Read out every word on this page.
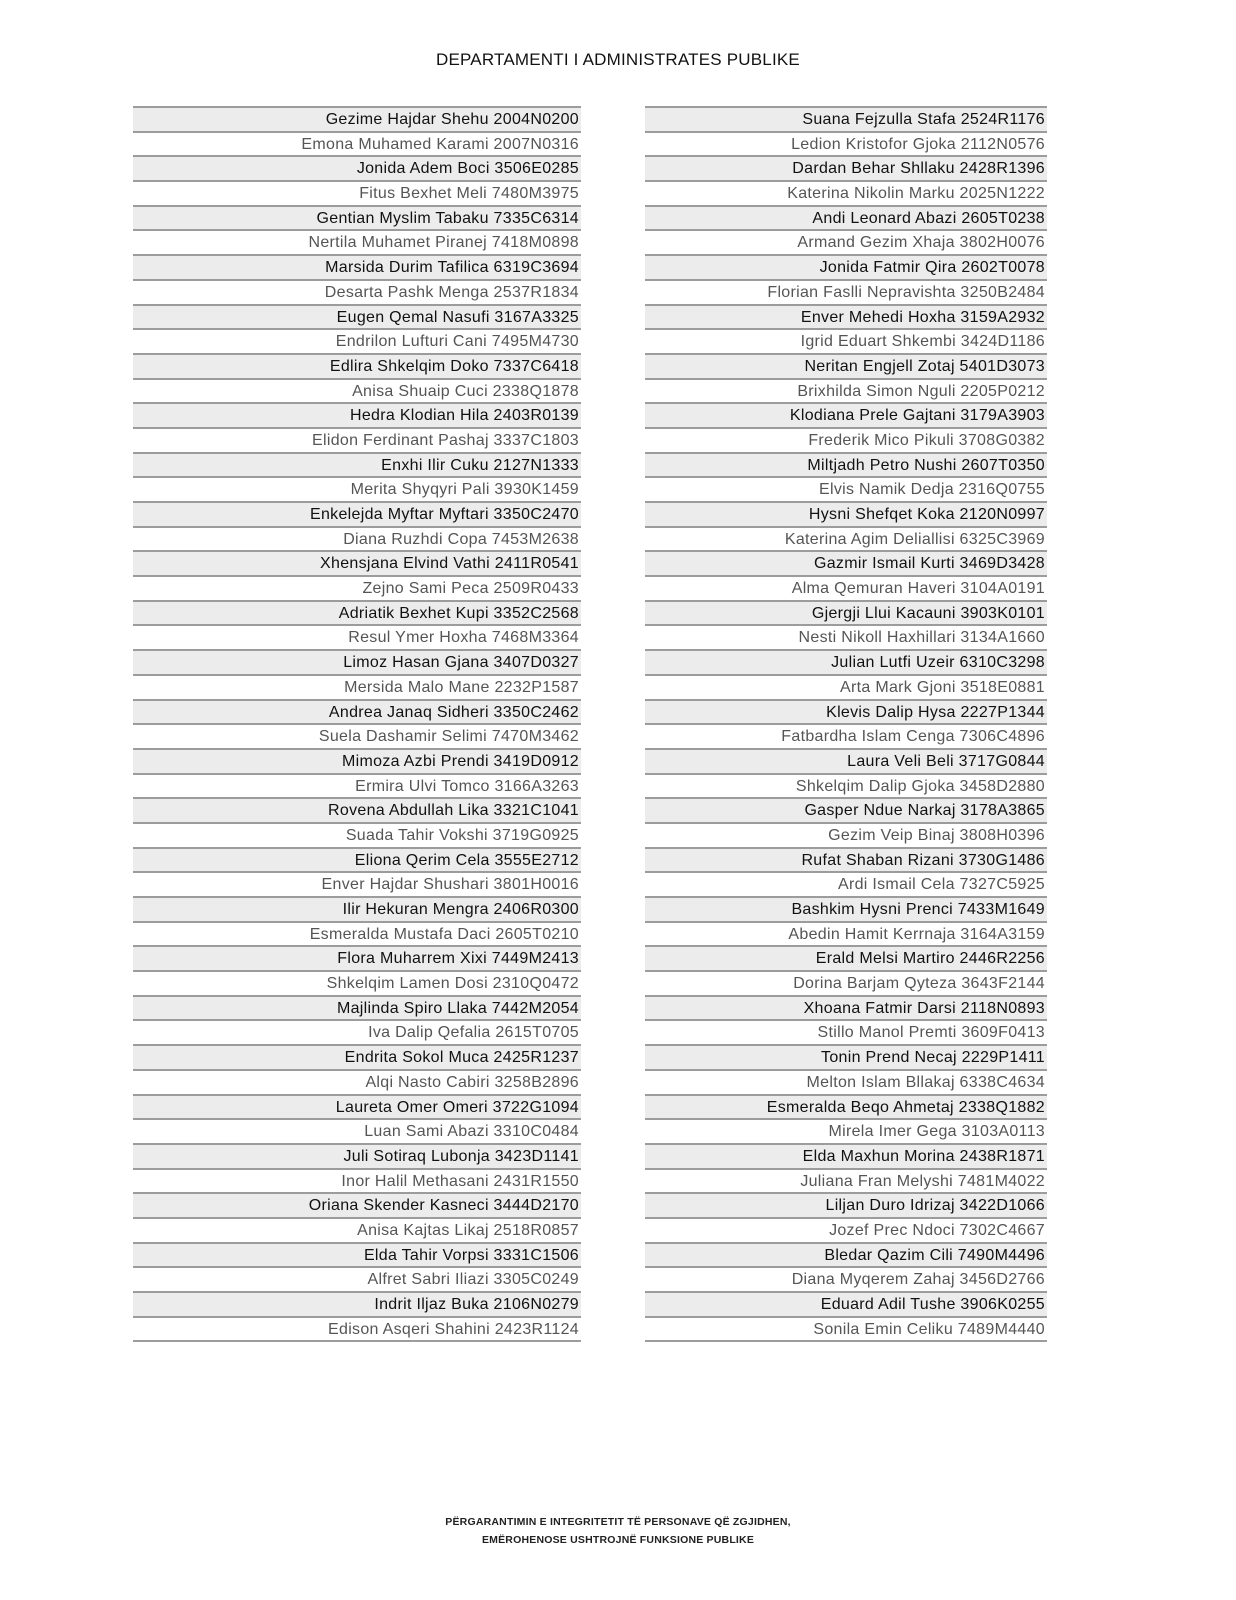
DEPARTAMENTI I ADMINISTRATES PUBLIKE
Gezime Hajdar Shehu 2004N0200
Emona Muhamed Karami 2007N0316
Jonida Adem Boci 3506E0285
Fitus Bexhet Meli 7480M3975
Gentian Myslim Tabaku 7335C6314
Nertila Muhamet Piranej 7418M0898
Marsida Durim Tafilica 6319C3694
Desarta Pashk Menga 2537R1834
Eugen Qemal Nasufi 3167A3325
Endrilon Lufturi Cani 7495M4730
Edlira Shkelqim Doko 7337C6418
Anisa Shuaip Cuci 2338Q1878
Hedra Klodian Hila 2403R0139
Elidon Ferdinant Pashaj 3337C1803
Enxhi Ilir Cuku 2127N1333
Merita Shyqyri Pali 3930K1459
Enkelejda Myftar Myftari 3350C2470
Diana Ruzhdi Copa 7453M2638
Xhensjana Elvind Vathi 2411R0541
Zejno Sami Peca 2509R0433
Adriatik Bexhet Kupi 3352C2568
Resul Ymer Hoxha 7468M3364
Limoz Hasan Gjana 3407D0327
Mersida Malo Mane 2232P1587
Andrea Janaq Sidheri 3350C2462
Suela Dashamir Selimi 7470M3462
Mimoza Azbi Prendi 3419D0912
Ermira Ulvi Tomco 3166A3263
Rovena Abdullah Lika 3321C1041
Suada Tahir Vokshi 3719G0925
Eliona Qerim Cela 3555E2712
Enver Hajdar Shushari 3801H0016
Ilir Hekuran Mengra 2406R0300
Esmeralda Mustafa Daci 2605T0210
Flora Muharrem Xixi 7449M2413
Shkelqim Lamen Dosi 2310Q0472
Majlinda Spiro Llaka 7442M2054
Iva Dalip Qefalia 2615T0705
Endrita Sokol Muca 2425R1237
Alqi Nasto Cabiri 3258B2896
Laureta Omer Omeri 3722G1094
Luan Sami Abazi 3310C0484
Juli Sotiraq Lubonja 3423D1141
Inor Halil Methasani 2431R1550
Oriana Skender Kasneci 3444D2170
Anisa Kajtas Likaj 2518R0857
Elda Tahir Vorpsi 3331C1506
Alfret Sabri Iliazi 3305C0249
Indrit Iljaz Buka 2106N0279
Edison Asqeri Shahini 2423R1124
Suana Fejzulla Stafa 2524R1176
Ledion Kristofor Gjoka 2112N0576
Dardan Behar Shllaku 2428R1396
Katerina Nikolin Marku 2025N1222
Andi Leonard Abazi 2605T0238
Armand Gezim Xhaja 3802H0076
Jonida Fatmir Qira 2602T0078
Florian Faslli Nepravishta 3250B2484
Enver Mehedi Hoxha 3159A2932
Igrid Eduart Shkembi 3424D1186
Neritan Engjell Zotaj 5401D3073
Brixhilda Simon Nguli 2205P0212
Klodiana Prele Gajtani 3179A3903
Frederik Mico Pikuli 3708G0382
Miltjadh Petro Nushi 2607T0350
Elvis Namik Dedja 2316Q0755
Hysni Shefqet Koka 2120N0997
Katerina Agim Deliallisi 6325C3969
Gazmir Ismail Kurti 3469D3428
Alma Qemuran Haveri 3104A0191
Gjergji Llui Kacauni 3903K0101
Nesti Nikoll Haxhillari 3134A1660
Julian Lutfi Uzeir 6310C3298
Arta Mark Gjoni 3518E0881
Klevis Dalip Hysa 2227P1344
Fatbardha Islam Cenga 7306C4896
Laura Veli Beli 3717G0844
Shkelqim Dalip Gjoka 3458D2880
Gasper Ndue Narkaj 3178A3865
Gezim Veip Binaj 3808H0396
Rufat Shaban Rizani 3730G1486
Ardi Ismail Cela 7327C5925
Bashkim Hysni Prenci 7433M1649
Abedin Hamit Kerrnaja 3164A3159
Erald Melsi Martiro 2446R2256
Dorina Barjam Qyteza 3643F2144
Xhoana Fatmir Darsi 2118N0893
Stillo Manol Premti 3609F0413
Tonin Prend Necaj 2229P1411
Melton Islam Bllakaj 6338C4634
Esmeralda Beqo Ahmetaj 2338Q1882
Mirela Imer Gega 3103A0113
Elda Maxhun Morina 2438R1871
Juliana Fran Melyshi 7481M4022
Liljan Duro Idrizaj 3422D1066
Jozef Prec Ndoci 7302C4667
Bledar Qazim Cili 7490M4496
Diana Myqerem Zahaj 3456D2766
Eduard Adil Tushe 3906K0255
Sonila Emin Celiku 7489M4440
PËRGARANTIMIN E INTEGRITETIT TË PERSONAVE QË ZGJIDHEN,
EMËROHENOSE USHTROJNË FUNKSIONE PUBLIKE
